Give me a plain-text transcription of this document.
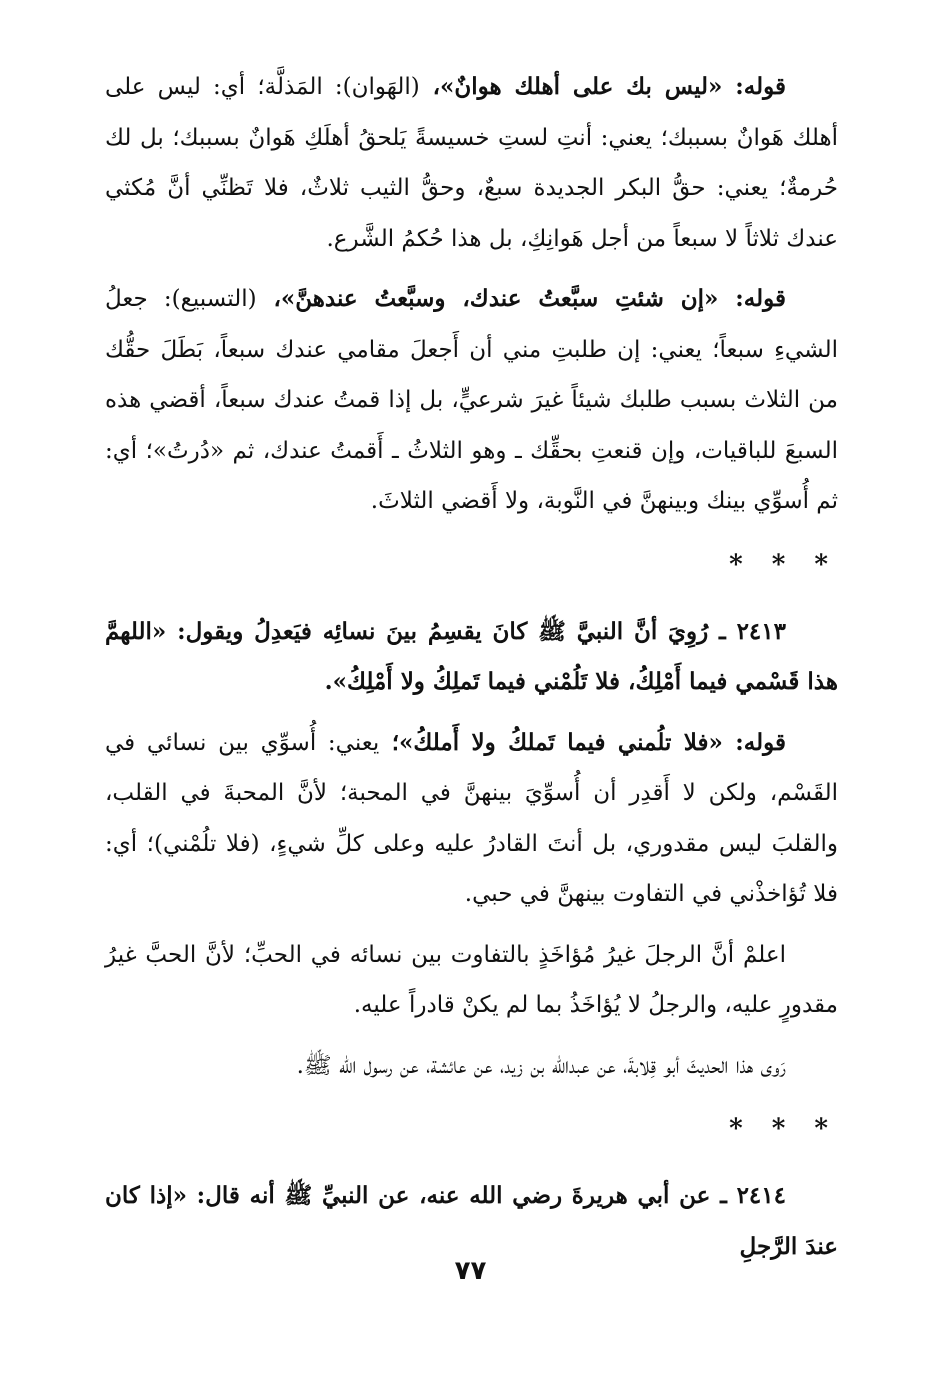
قوله: «ليس بك على أهلك هوانٌ»، (الهَوان): المَذلَّة؛ أي: ليس على أهلك هَوانٌ بسببك؛ يعني: أنتِ لستِ خسيسةً يَلحقُ أهلَكِ هَوانٌ بسببك؛ بل لك حُرمةٌ؛ يعني: حقُّ البكر الجديدة سبعٌ، وحقُّ الثيب ثلاثٌ، فلا تَظنِّي أنَّ مُكثي عندك ثلاثاً لا سبعاً من أجل هَوانِكِ، بل هذا حُكمُ الشَّرع.

قوله: «إن شئتِ سبَّعتُ عندك، وسبَّعتُ عندهنَّ»، (التسبيع): جعلُ الشيءِ سبعاً؛ يعني: إن طلبتِ مني أن أَجعلَ مقامي عندك سبعاً، بَطَلَ حقُّك من الثلاث بسبب طلبك شيئاً غيرَ شرعيٍّ، بل إذا قمتُ عندك سبعاً، أقضي هذه السبعَ للباقيات، وإن قنعتِ بحقِّك ـ وهو الثلاثُ ـ أَقمتُ عندك، ثم «دُرتُ»؛ أي: ثم أُسوِّي بينك وبينهنَّ في النَّوبة، ولا أَقضي الثلاثَ.

* * *

٢٤١٣ ـ رُوِيَ أنَّ النبيَّ ﷺ كانَ يقسِمُ بينَ نسائِه فيَعدِلُ ويقول: «اللهمَّ هذا قَسْمي فيما أَمْلِكُ، فلا تَلُمْني فيما تَملِكُ ولا أَمْلِكُ».

قوله: «فلا تلُمني فيما تَملكُ ولا أَملكُ»؛ يعني: أُسوِّي بين نسائي في القَسْم، ولكن لا أَقدِر أن أُسوِّيَ بينهنَّ في المحبة؛ لأنَّ المحبةَ في القلب، والقلبَ ليس مقدوري، بل أنتَ القادرُ عليه وعلى كلِّ شيءٍ، (فلا تلُمْني)؛ أي: فلا تُؤاخذْني في التفاوت بينهنَّ في حبي.

اعلمْ أنَّ الرجلَ غيرُ مُؤاخَذٍ بالتفاوت بين نسائه في الحبِّ؛ لأنَّ الحبَّ غيرُ مقدورٍ عليه، والرجلُ لا يُؤاخَذُ بما لم يكنْ قادراً عليه.

رَوى هذا الحديثَ أبو قِلابةَ، عن عبدالله بن زيد، عن عائشة، عن رسول الله ﷺ.

* * *

٢٤١٤ ـ عن أبي هريرةَ رضي الله عنه، عن النبيِّ ﷺ أنه قال: «إذا كان عندَ الرَّجلِ

٧٧
